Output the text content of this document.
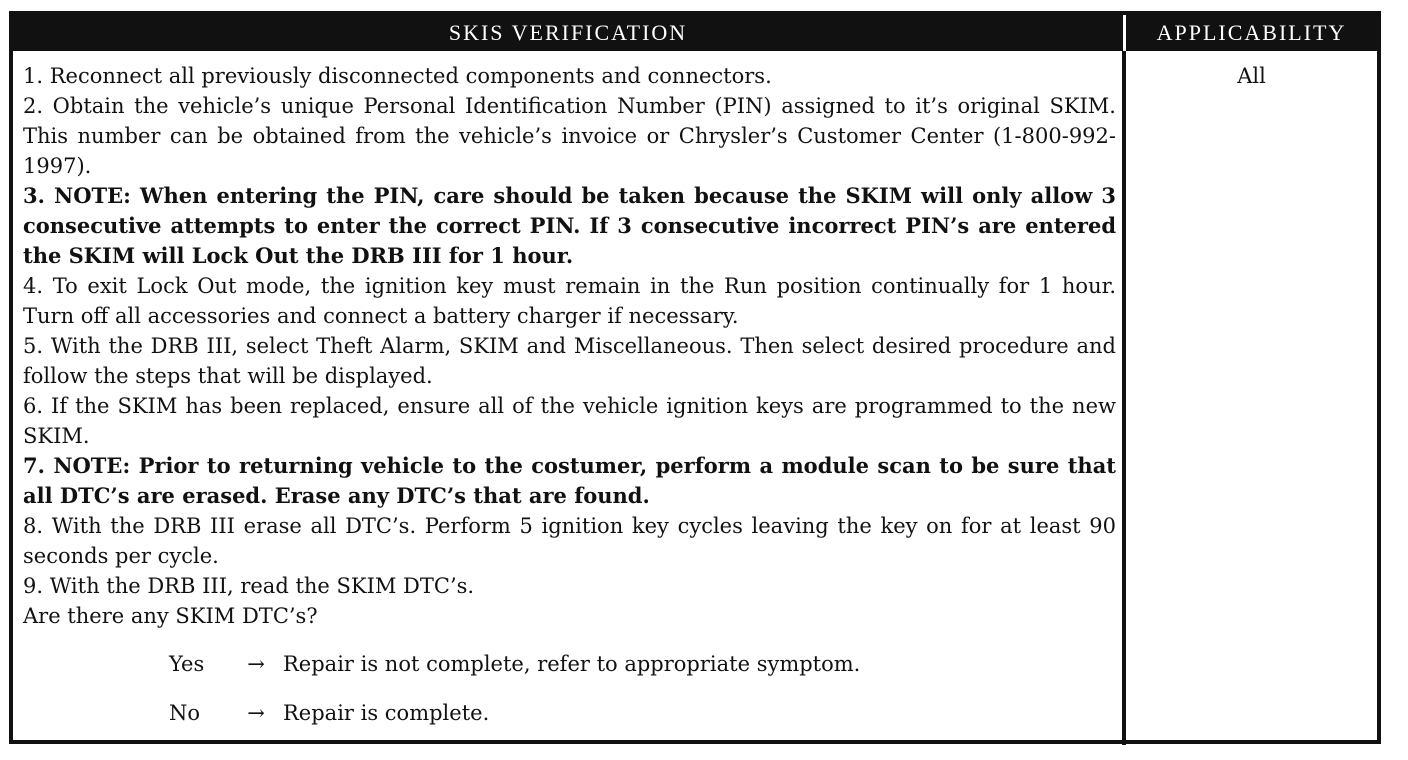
SKIS VERIFICATION	APPLICABILITY

1. Reconnect all previously disconnected components and connectors.

2. Obtain the vehicle’s unique Personal Identification Number (PIN) assigned to it’s original SKIM. This number can be obtained from the vehicle’s invoice or Chrysler’s Customer Center (1-800-992-1997).

3. NOTE: When entering the PIN, care should be taken because the SKIM will only allow 3 consecutive attempts to enter the correct PIN. If 3 consecutive incorrect PIN’s are entered the SKIM will Lock Out the DRB III for 1 hour.

4. To exit Lock Out mode, the ignition key must remain in the Run position continually for 1 hour. Turn off all accessories and connect a battery charger if necessary.

5. With the DRB III, select Theft Alarm, SKIM and Miscellaneous. Then select desired procedure and follow the steps that will be displayed.

6. If the SKIM has been replaced, ensure all of the vehicle ignition keys are programmed to the new SKIM.

7. NOTE: Prior to returning vehicle to the costumer, perform a module scan to be sure that all DTC’s are erased. Erase any DTC’s that are found.

8. With the DRB III erase all DTC’s. Perform 5 ignition key cycles leaving the key on for at least 90 seconds per cycle.

9. With the DRB III, read the SKIM DTC’s.

Are there any SKIM DTC’s?

Yes	→ Repair is not complete, refer to appropriate symptom.
No	→ Repair is complete.
All
